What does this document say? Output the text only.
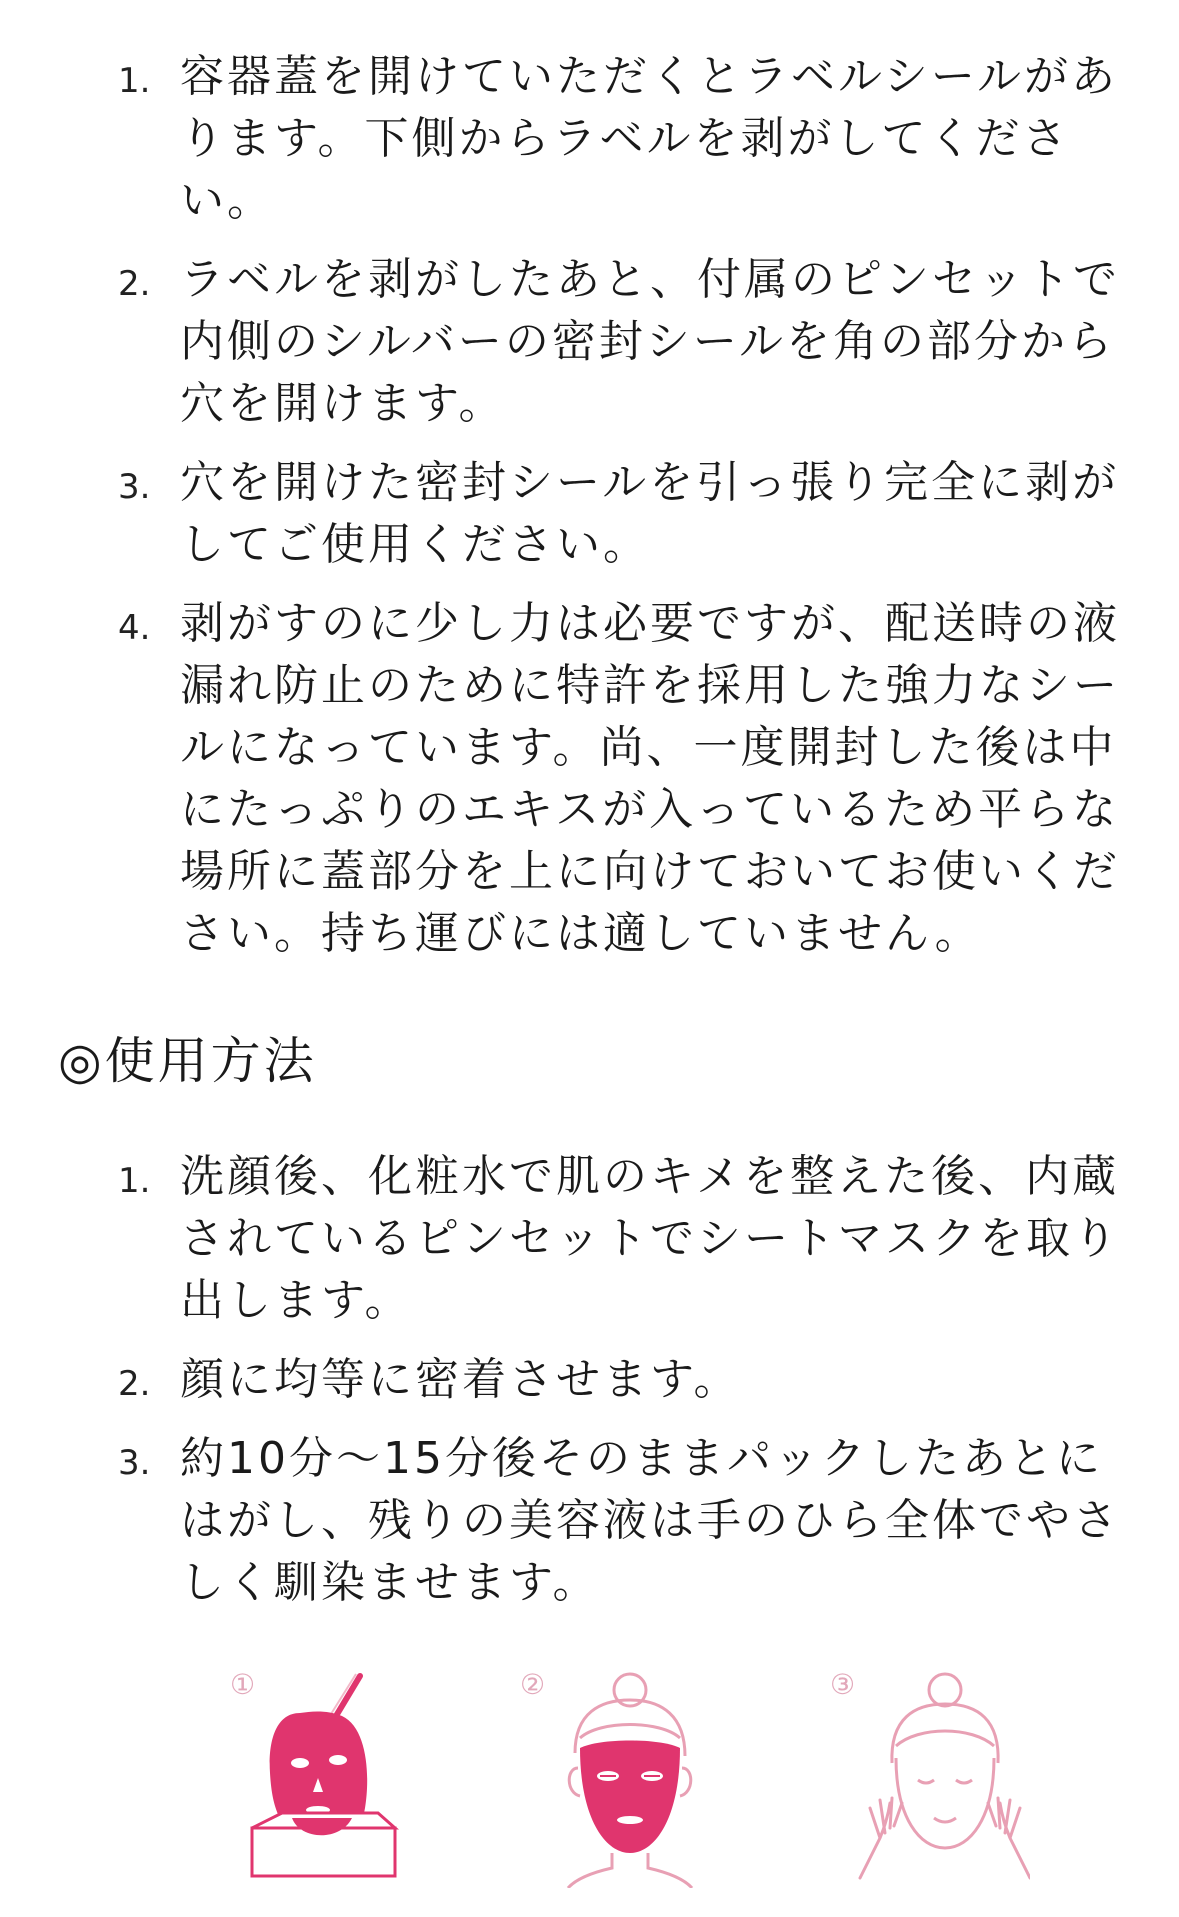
1. 容器蓋を開けていただくとラベルシールがあります。下側からラベルを剥がしてください。
2. ラベルを剥がしたあと、付属のピンセットで内側のシルバーの密封シールを角の部分から穴を開けます。
3. 穴を開けた密封シールを引っ張り完全に剥がしてご使用ください。
4. 剥がすのに少し力は必要ですが、配送時の液漏れ防止のために特許を採用した強力なシールになっています。尚、一度開封した後は中にたっぷりのエキスが入っているため平らな場所に蓋部分を上に向けておいてお使いください。持ち運びには適していません。
◎使用方法
1. 洗顔後、化粧水で肌のキメを整えた後、内蔵されているピンセットでシートマスクを取り出します。
2. 顔に均等に密着させます。
3. 約10分～15分後そのままパックしたあとにはがし、残りの美容液は手のひら全体でやさしく馴染ませます。
①	②	③
